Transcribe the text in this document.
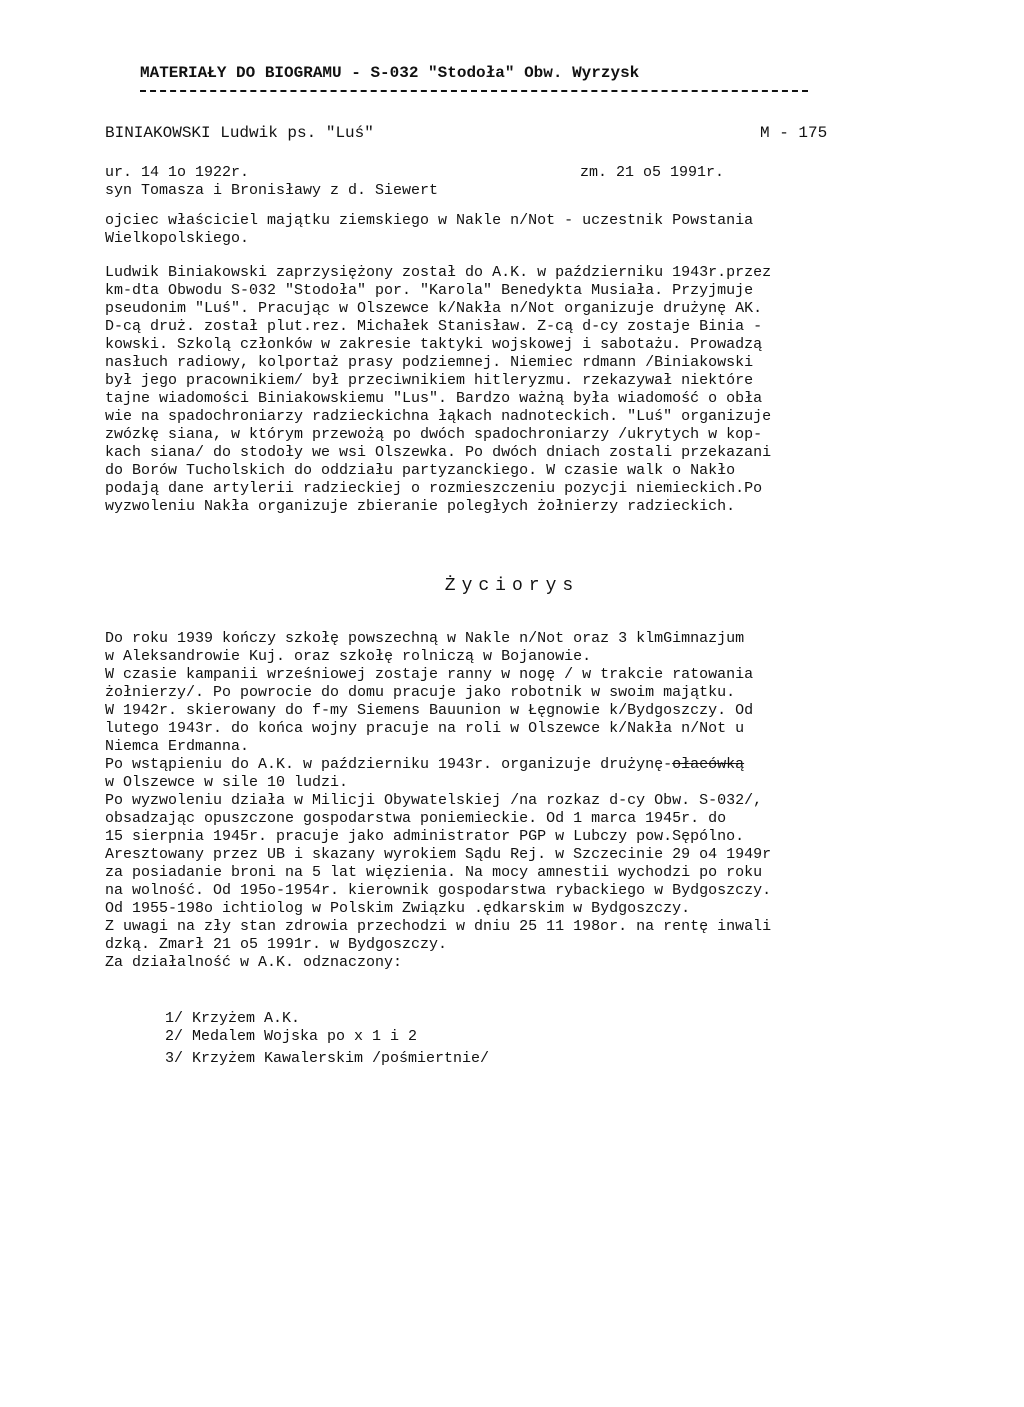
MATERIAŁY DO BIOGRAMU - S-032 "Stodoła" Obw. Wyrzysk
BINIAKOWSKI Ludwik ps. "Luś"	M - 175
ur. 14 1o 1922r.	zm. 21 o5 1991r.
syn Tomasza i Bronisławy z d. Siewert
ojciec właściciel majątku ziemskiego w Nakle n/Not - uczestnik Powstania
Wielkopolskiego.
Ludwik Biniakowski zaprzysiężony został do A.K. w październiku 1943r.przez
km-dta Obwodu S-032 "Stodoła" por. "Karola" Benedykta Musiała. Przyjmuje
pseudonim "Luś". Pracując w Olszewce k/Nakła n/Not organizuje drużynę AK.
D-cą druż. został plut.rez. Michałek Stanisław. Z-cą d-cy zostaje Binia -
kowski. Szkolą członków w zakresie taktyki wojskowej i sabotażu. Prowadzą
nasłuch radiowy, kolportaż prasy podziemnej. Niemiec rdmann /Biniakowski
był jego pracownikiem/ był przeciwnikiem hitleryzmu. rzekazywał niektóre
tajne wiadomości Biniakowskiemu "Lus". Bardzo ważną była wiadomość o obła
wie na spadochroniarzy radzieckichna łąkach nadnoteckich. "Luś" organizuje
zwózkę siana, w którym przewożą po dwóch spadochroniarzy /ukrytych w kop-
kach siana/ do stodoły we wsi Olszewka. Po dwóch dniach zostali przekazani
do Borów Tucholskich do oddziału partyzanckiego. W czasie walk o Nakło
podają dane artylerii radzieckiej o rozmieszczeniu pozycji niemieckich.Po
wyzwoleniu Nakła organizuje zbieranie poległych żołnierzy radzieckich.
Życiorys
Do roku 1939 kończy szkołę powszechną w Nakle n/Not oraz 3 klmGimnazjum
w Aleksandrowie Kuj. oraz szkołę rolniczą w Bojanowie.
W czasie kampanii wrześniowej zostaje ranny w nogę / w trakcie ratowania
żołnierzy/. Po powrocie do domu pracuje jako robotnik w swoim majątku.
W 1942r. skierowany do f-my Siemens Bauunion w Łęgnowie k/Bydgoszczy. Od
lutego 1943r. do końca wojny pracuje na roli w Olszewce k/Nakła n/Not u
Niemca Erdmanna.
Po wstąpieniu do A.K. w październiku 1943r. organizuje drużynę-ołaeówką
w Olszewce w sile 10 ludzi.
Po wyzwoleniu działa w Milicji Obywatelskiej /na rozkaz d-cy Obw. S-032/,
obsadzając opuszczone gospodarstwa poniemieckie. Od 1 marca 1945r. do
15 sierpnia 1945r. pracuje jako administrator PGP w Lubczy pow.Sępólno.
Aresztowany przez UB i skazany wyrokiem Sądu Rej. w Szczecinie 29 o4 1949r
za posiadanie broni na 5 lat więzienia. Na mocy amnestii wychodzi po roku
na wolność. Od 195o-1954r. kierownik gospodarstwa rybackiego w Bydgoszczy.
Od 1955-198o ichtiolog w Polskim Związku .ędkarskim w Bydgoszczy.
Z uwagi na zły stan zdrowia przechodzi w dniu 25 11 198or. na rentę inwali
dzką. Zmarł 21 o5 1991r. w Bydgoszczy.
Za działalność w A.K. odznaczony:
1/ Krzyżem A.K.
2/ Medalem Wojska po x 1 i 2
3/ Krzyżem Kawalerskim /pośmiertnie/
